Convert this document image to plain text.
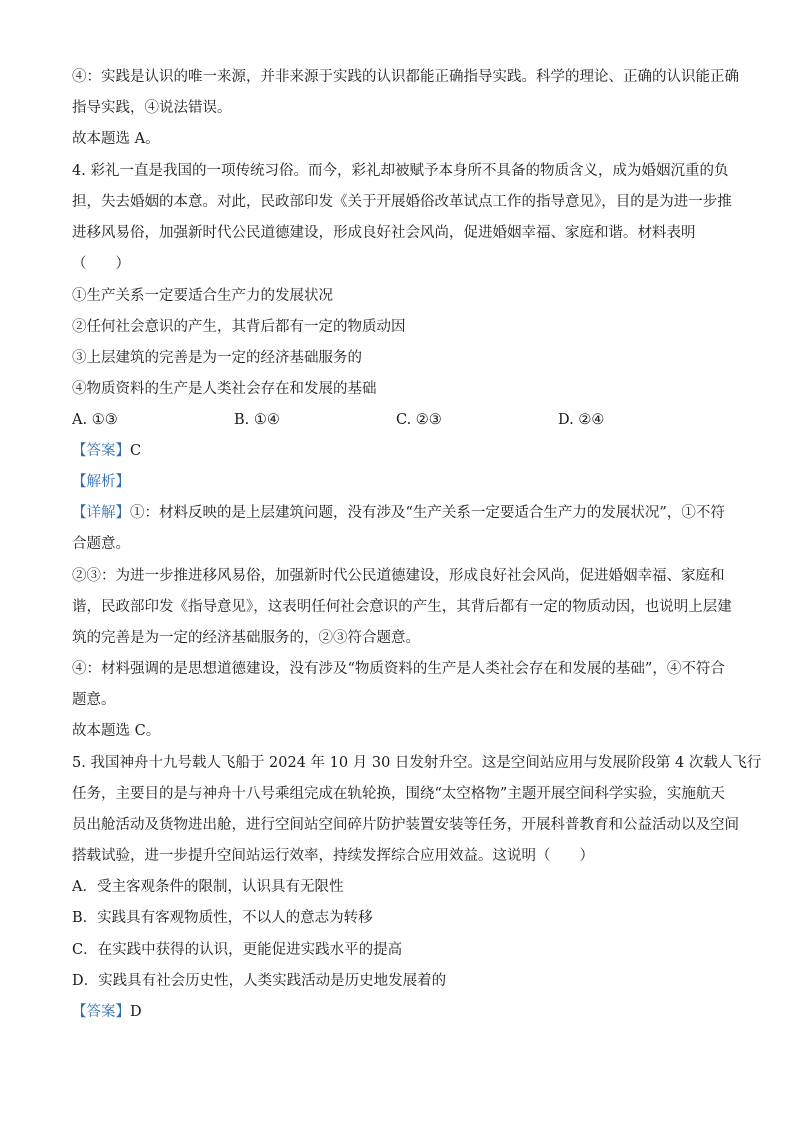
④：实践是认识的唯一来源，并非来源于实践的认识都能正确指导实践。科学的理论、正确的认识能正确
指导实践，④说法错误。
故本题选 A。
4. 彩礼一直是我国的一项传统习俗。而今，彩礼却被赋予本身所不具备的物质含义，成为婚姻沉重的负
担，失去婚姻的本意。对此，民政部印发《关于开展婚俗改革试点工作的指导意见》，目的是为进一步推
进移风易俗，加强新时代公民道德建设，形成良好社会风尚，促进婚姻幸福、家庭和谐。材料表明
（　　）
①生产关系一定要适合生产力的发展状况
②任何社会意识的产生，其背后都有一定的物质动因
③上层建筑的完善是为一定的经济基础服务的
④物质资料的生产是人类社会存在和发展的基础
A. ①③	B. ①④	C. ②③	D. ②④
【答案】C
【解析】
【详解】①：材料反映的是上层建筑问题，没有涉及“生产关系一定要适合生产力的发展状况”，①不符
合题意。
②③：为进一步推进移风易俗，加强新时代公民道德建设，形成良好社会风尚，促进婚姻幸福、家庭和
谐，民政部印发《指导意见》，这表明任何社会意识的产生，其背后都有一定的物质动因，也说明上层建
筑的完善是为一定的经济基础服务的，②③符合题意。
④：材料强调的是思想道德建设，没有涉及“物质资料的生产是人类社会存在和发展的基础”，④不符合
题意。
故本题选 C。
5. 我国神舟十九号载人飞船于 2024 年 10 月 30 日发射升空。这是空间站应用与发展阶段第 4 次载人飞行
任务，主要目的是与神舟十八号乘组完成在轨轮换，围绕“太空格物”主题开展空间科学实验，实施航天
员出舱活动及货物进出舱，进行空间站空间碎片防护装置安装等任务，开展科普教育和公益活动以及空间
搭载试验，进一步提升空间站运行效率，持续发挥综合应用效益。这说明（　　）
A．受主客观条件的限制，认识具有无限性
B．实践具有客观物质性，不以人的意志为转移
C．在实践中获得的认识，更能促进实践水平的提高
D．实践具有社会历史性，人类实践活动是历史地发展着的
【答案】D
